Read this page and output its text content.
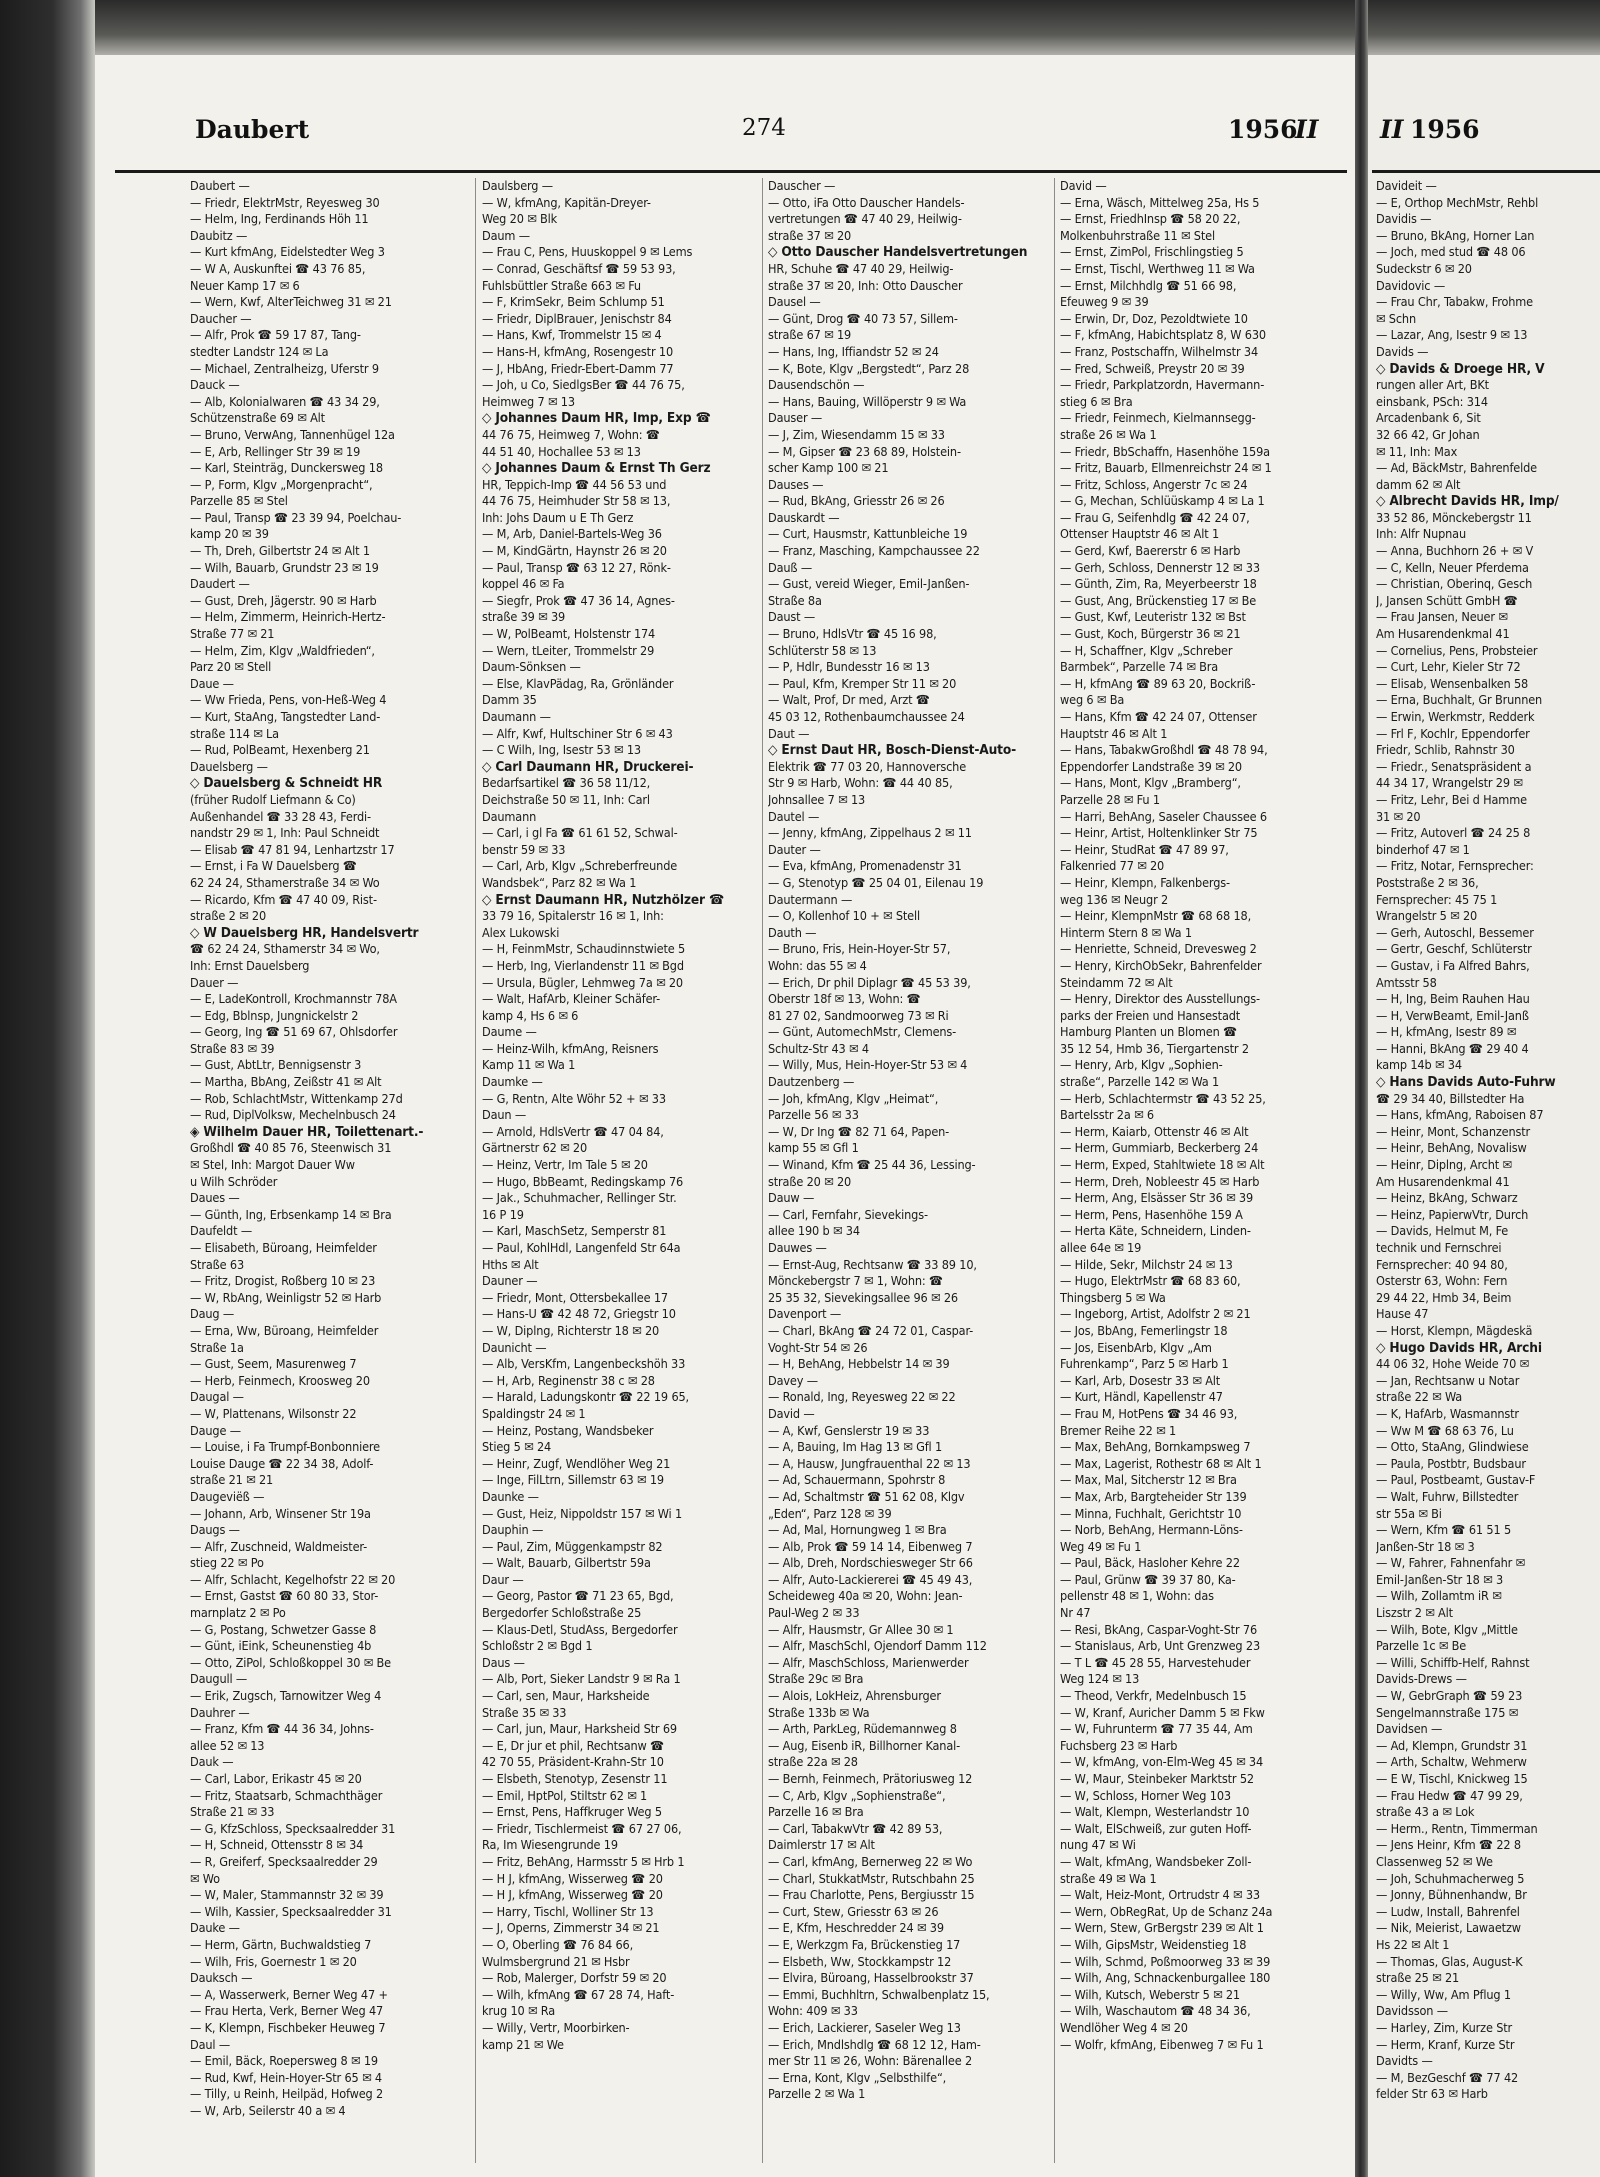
Daubert	274	1956
II II 1956
Daubert —
— Friedr, ElektrMstr, Reyesweg 30
— Helm, Ing, Ferdinands Höh 11
Daubitz —
— Kurt kfmAng, Eidelstedter Weg 3
— W A, Auskunftei ☎ 43 76 85,
Neuer Kamp 17 ✉ 6
— Wern, Kwf, AlterTeichweg 31 ✉ 21
Daucher —
— Alfr, Prok ☎ 59 17 87, Tang-
stedter Landstr 124 ✉ La
— Michael, Zentralheizg, Uferstr 9
Dauck —
— Alb, Kolonialwaren ☎ 43 34 29,
Schützenstraße 69 ✉ Alt
— Bruno, VerwAng, Tannenhügel 12a
— E, Arb, Rellinger Str 39 ✉ 19
— Karl, Steinträg, Dunckersweg 18
— P, Form, Klgv „Morgenpracht“,
Parzelle 85 ✉ Stel
— Paul, Transp ☎ 23 39 94, Poelchau-
kamp 20 ✉ 39
— Th, Dreh, Gilbertstr 24 ✉ Alt 1
— Wilh, Bauarb, Grundstr 23 ✉ 19
Daudert —
— Gust, Dreh, Jägerstr. 90 ✉ Harb
— Helm, Zimmerm, Heinrich-Hertz-
Straße 77 ✉ 21
— Helm, Zim, Klgv „Waldfrieden“,
Parz 20 ✉ Stell
Daue —
— Ww Frieda, Pens, von-Heß-Weg 4
— Kurt, StaAng, Tangstedter Land-
straße 114 ✉ La
— Rud, PolBeamt, Hexenberg 21
Dauelsberg —
◇ Dauelsberg & Schneidt HR
(früher Rudolf Liefmann & Co)
Außenhandel ☎ 33 28 43, Ferdi-
nandstr 29 ✉ 1, Inh: Paul Schneidt
— Elisab ☎ 47 81 94, Lenhartzstr 17
— Ernst, i Fa W Dauelsberg ☎
62 24 24, Sthamerstraße 34 ✉ Wo
— Ricardo, Kfm ☎ 47 40 09, Rist-
straße 2 ✉ 20
◇ W Dauelsberg HR, Handelsvertr
☎ 62 24 24, Sthamerstr 34 ✉ Wo,
Inh: Ernst Dauelsberg
Dauer —
— E, LadeKontroll, Krochmannstr 78A
— Edg, Bblnsp, Jungnickelstr 2
— Georg, Ing ☎ 51 69 67, Ohlsdorfer
Straße 83 ✉ 39
— Gust, AbtLtr, Bennigsenstr 3
— Martha, BbAng, Zeißstr 41 ✉ Alt
— Rob, SchlachtMstr, Wittenkamp 27d
— Rud, DiplVolksw, Mechelnbusch 24
◈ Wilhelm Dauer HR, Toilettenart.-
Großhdl ☎ 40 85 76, Steenwisch 31
✉ Stel, Inh: Margot Dauer Ww
u Wilh Schröder
Daues —
— Günth, Ing, Erbsenkamp 14 ✉ Bra
Daufeldt —
— Elisabeth, Büroang, Heimfelder
Straße 63
— Fritz, Drogist, Roßberg 10 ✉ 23
— W, RbAng, Weinligstr 52 ✉ Harb
Daug —
— Erna, Ww, Büroang, Heimfelder
Straße 1a
— Gust, Seem, Masurenweg 7
— Herb, Feinmech, Kroosweg 20
Daugal —
— W, Plattenans, Wilsonstr 22
Dauge —
— Louise, i Fa Trumpf-Bonbonniere
Louise Dauge ☎ 22 34 38, Adolf-
straße 21 ✉ 21
Daugeviëß —
— Johann, Arb, Winsener Str 19a
Daugs —
— Alfr, Zuschneid, Waldmeister-
stieg 22 ✉ Po
— Alfr, Schlacht, Kegelhofstr 22 ✉ 20
— Ernst, Gastst ☎ 60 80 33, Stor-
marnplatz 2 ✉ Po
— G, Postang, Schwetzer Gasse 8
— Günt, iEink, Scheunenstieg 4b
— Otto, ZiPol, Schloßkoppel 30 ✉ Be
Daugull —
— Erik, Zugsch, Tarnowitzer Weg 4
Dauhrer —
— Franz, Kfm ☎ 44 36 34, Johns-
allee 52 ✉ 13
Dauk —
— Carl, Labor, Erikastr 45 ✉ 20
— Fritz, Staatsarb, Schmachthäger
Straße 21 ✉ 33
— G, KfzSchloss, Specksaalredder 31
— H, Schneid, Ottensstr 8 ✉ 34
— R, Greiferf, Specksaalredder 29
✉ Wo
— W, Maler, Stammannstr 32 ✉ 39
— Wilh, Kassier, Specksaalredder 31
Dauke —
— Herm, Gärtn, Buchwaldstieg 7
— Wilh, Fris, Goernestr 1 ✉ 20
Dauksch —
— A, Wasserwerk, Berner Weg 47 +
— Frau Herta, Verk, Berner Weg 47
— K, Klempn, Fischbeker Heuweg 7
Daul —
— Emil, Bäck, Roepersweg 8 ✉ 19
— Rud, Kwf, Hein-Hoyer-Str 65 ✉ 4
— Tilly, u Reinh, Heilpäd, Hofweg 2
— W, Arb, Seilerstr 40 a ✉ 4
Daulsberg —
— W, kfmAng, Kapitän-Dreyer-
Weg 20 ✉ Blk
Daum —
— Frau C, Pens, Huuskoppel 9 ✉ Lems
— Conrad, Geschäftsf ☎ 59 53 93,
Fuhlsbüttler Straße 663 ✉ Fu
— F, KrimSekr, Beim Schlump 51
— Friedr, DiplBrauer, Jenischstr 84
— Hans, Kwf, Trommelstr 15 ✉ 4
— Hans-H, kfmAng, Rosengestr 10
— J, HbAng, Friedr-Ebert-Damm 77
— Joh, u Co, SiedlgsBer ☎ 44 76 75,
Heimweg 7 ✉ 13
◇ Johannes Daum HR, Imp, Exp ☎
44 76 75, Heimweg 7, Wohn: ☎
44 51 40, Hochallee 53 ✉ 13
◇ Johannes Daum & Ernst Th Gerz
HR, Teppich-Imp ☎ 44 56 53 und
44 76 75, Heimhuder Str 58 ✉ 13,
Inh: Johs Daum u E Th Gerz
— M, Arb, Daniel-Bartels-Weg 36
— M, KindGärtn, Haynstr 26 ✉ 20
— Paul, Transp ☎ 63 12 27, Rönk-
koppel 46 ✉ Fa
— Siegfr, Prok ☎ 47 36 14, Agnes-
straße 39 ✉ 39
— W, PolBeamt, Holstenstr 174
— Wern, tLeiter, Trommelstr 29
Daum-Sönksen —
— Else, KlavPädag, Ra, Grönländer
Damm 35
Daumann —
— Alfr, Kwf, Hultschiner Str 6 ✉ 43
— C Wilh, Ing, Isestr 53 ✉ 13
◇ Carl Daumann HR, Druckerei-
Bedarfsartikel ☎ 36 58 11/12,
Deichstraße 50 ✉ 11, Inh: Carl
Daumann
— Carl, i gl Fa ☎ 61 61 52, Schwal-
benstr 59 ✉ 33
— Carl, Arb, Klgv „Schreberfreunde
Wandsbek“, Parz 82 ✉ Wa 1
◇ Ernst Daumann HR, Nutzhölzer ☎
33 79 16, Spitalerstr 16 ✉ 1, Inh:
Alex Lukowski
— H, FeinmMstr, Schaudinnstwiete 5
— Herb, Ing, Vierlandenstr 11 ✉ Bgd
— Ursula, Bügler, Lehmweg 7a ✉ 20
— Walt, HafArb, Kleiner Schäfer-
kamp 4, Hs 6 ✉ 6
Daume —
— Heinz-Wilh, kfmAng, Reisners
Kamp 11 ✉ Wa 1
Daumke —
— G, Rentn, Alte Wöhr 52 + ✉ 33
Daun —
— Arnold, HdlsVertr ☎ 47 04 84,
Gärtnerstr 62 ✉ 20
— Heinz, Vertr, Im Tale 5 ✉ 20
— Hugo, BbBeamt, Redingskamp 76
— Jak., Schuhmacher, Rellinger Str.
16 P 19
— Karl, MaschSetz, Semperstr 81
— Paul, KohlHdl, Langenfeld Str 64a
Hths ✉ Alt
Dauner —
— Friedr, Mont, Ottersbekallee 17
— Hans-U ☎ 42 48 72, Griegstr 10
— W, Diplng, Richterstr 18 ✉ 20
Daunicht —
— Alb, VersKfm, Langenbeckshöh 33
— H, Arb, Reginenstr 38 c ✉ 28
— Harald, Ladungskontr ☎ 22 19 65,
Spaldingstr 24 ✉ 1
— Heinz, Postang, Wandsbeker
Stieg 5 ✉ 24
— Heinr, Zugf, Wendlöher Weg 21
— Inge, FilLtrn, Sillemstr 63 ✉ 19
Daunke —
— Gust, Heiz, Nippoldstr 157 ✉ Wi 1
Dauphin —
— Paul, Zim, Müggenkampstr 82
— Walt, Bauarb, Gilbertstr 59a
Daur —
— Georg, Pastor ☎ 71 23 65, Bgd,
Bergedorfer Schloßstraße 25
— Klaus-Detl, StudAss, Bergedorfer
Schloßstr 2 ✉ Bgd 1
Daus —
— Alb, Port, Sieker Landstr 9 ✉ Ra 1
— Carl, sen, Maur, Harksheide
Straße 35 ✉ 33
— Carl, jun, Maur, Harksheid Str 69
— E, Dr jur et phil, Rechtsanw ☎
42 70 55, Präsident-Krahn-Str 10
— Elsbeth, Stenotyp, Zesenstr 11
— Emil, HptPol, Stiltstr 62 ✉ 1
— Ernst, Pens, Haffkruger Weg 5
— Friedr, Tischlermeist ☎ 67 27 06,
Ra, Im Wiesengrunde 19
— Fritz, BehAng, Harmsstr 5 ✉ Hrb 1
— H J, kfmAng, Wisserweg ☎ 20
— H J, kfmAng, Wisserweg ☎ 20
— Harry, Tischl, Wolliner Str 13
— J, Operns, Zimmerstr 34 ✉ 21
— O, Oberling ☎ 76 84 66,
Wulmsbergrund 21 ✉ Hsbr
— Rob, Malerger, Dorfstr 59 ✉ 20
— Wilh, kfmAng ☎ 67 28 74, Haft-
krug 10 ✉ Ra
— Willy, Vertr, Moorbirken-
kamp 21 ✉ We
Dauscher —
— Otto, iFa Otto Dauscher Handels-
vertretungen ☎ 47 40 29, Heilwig-
straße 37 ✉ 20
◇ Otto Dauscher Handelsvertretungen
HR, Schuhe ☎ 47 40 29, Heilwig-
straße 37 ✉ 20, Inh: Otto Dauscher
Dausel —
— Günt, Drog ☎ 40 73 57, Sillem-
straße 67 ✉ 19
— Hans, Ing, Iffiandstr 52 ✉ 24
— K, Bote, Klgv „Bergstedt“, Parz 28
Dausendschön —
— Hans, Bauing, Willöperstr 9 ✉ Wa
Dauser —
— J, Zim, Wiesendamm 15 ✉ 33
— M, Gipser ☎ 23 68 89, Holstein-
scher Kamp 100 ✉ 21
Dauses —
— Rud, BkAng, Griesstr 26 ✉ 26
Dauskardt —
— Curt, Hausmstr, Kattunbleiche 19
— Franz, Masching, Kampchaussee 22
Dauß —
— Gust, vereid Wieger, Emil-Janßen-
Straße 8a
Daust —
— Bruno, HdlsVtr ☎ 45 16 98,
Schlüterstr 58 ✉ 13
— P, Hdlr, Bundesstr 16 ✉ 13
— Paul, Kfm, Kremper Str 11 ✉ 20
— Walt, Prof, Dr med, Arzt ☎
45 03 12, Rothenbaumchaussee 24
Daut —
◇ Ernst Daut HR, Bosch-Dienst-Auto-
Elektrik ☎ 77 03 20, Hannoversche
Str 9 ✉ Harb, Wohn: ☎ 44 40 85,
Johnsallee 7 ✉ 13
Dautel —
— Jenny, kfmAng, Zippelhaus 2 ✉ 11
Dauter —
— Eva, kfmAng, Promenadenstr 31
— G, Stenotyp ☎ 25 04 01, Eilenau 19
Dautermann —
— O, Kollenhof 10 + ✉ Stell
Dauth —
— Bruno, Fris, Hein-Hoyer-Str 57,
Wohn: das 55 ✉ 4
— Erich, Dr phil Diplagr ☎ 45 53 39,
Oberstr 18f ✉ 13, Wohn: ☎
81 27 02, Sandmoorweg 73 ✉ Ri
— Günt, AutomechMstr, Clemens-
Schultz-Str 43 ✉ 4
— Willy, Mus, Hein-Hoyer-Str 53 ✉ 4
Dautzenberg —
— Joh, kfmAng, Klgv „Heimat“,
Parzelle 56 ✉ 33
— W, Dr Ing ☎ 82 71 64, Papen-
kamp 55 ✉ Gfl 1
— Winand, Kfm ☎ 25 44 36, Lessing-
straße 20 ✉ 20
Dauw —
— Carl, Fernfahr, Sievekings-
allee 190 b ✉ 34
Dauwes —
— Ernst-Aug, Rechtsanw ☎ 33 89 10,
Mönckebergstr 7 ✉ 1, Wohn: ☎
25 35 32, Sievekingsallee 96 ✉ 26
Davenport —
— Charl, BkAng ☎ 24 72 01, Caspar-
Voght-Str 54 ✉ 26
— H, BehAng, Hebbelstr 14 ✉ 39
Davey —
— Ronald, Ing, Reyesweg 22 ✉ 22
David —
— A, Kwf, Genslerstr 19 ✉ 33
— A, Bauing, Im Hag 13 ✉ Gfl 1
— A, Hausw, Jungfrauenthal 22 ✉ 13
— Ad, Schauermann, Spohrstr 8
— Ad, Schaltmstr ☎ 51 62 08, Klgv
„Eden“, Parz 128 ✉ 39
— Ad, Mal, Hornungweg 1 ✉ Bra
— Alb, Prok ☎ 59 14 14, Eibenweg 7
— Alb, Dreh, Nordschiesweger Str 66
— Alfr, Auto-Lackiererei ☎ 45 49 43,
Scheideweg 40a ✉ 20, Wohn: Jean-
Paul-Weg 2 ✉ 33
— Alfr, Hausmstr, Gr Allee 30 ✉ 1
— Alfr, MaschSchl, Ojendorf Damm 112
— Alfr, MaschSchloss, Marienwerder
Straße 29c ✉ Bra
— Alois, LokHeiz, Ahrensburger
Straße 133b ✉ Wa
— Arth, ParkLeg, Rüdemannweg 8
— Aug, Eisenb iR, Billhorner Kanal-
straße 22a ✉ 28
— Bernh, Feinmech, Prätoriusweg 12
— C, Arb, Klgv „Sophienstraße“,
Parzelle 16 ✉ Bra
— Carl, TabakwVtr ☎ 42 89 53,
Daimlerstr 17 ✉ Alt
— Carl, kfmAng, Bernerweg 22 ✉ Wo
— Charl, StukkatMstr, Rutschbahn 25
— Frau Charlotte, Pens, Bergiusstr 15
— Curt, Stew, Griesstr 63 ✉ 26
— E, Kfm, Heschredder 24 ✉ 39
— E, Werkzgm Fa, Brückenstieg 17
— Elsbeth, Ww, Stockkampstr 12
— Elvira, Büroang, Hasselbrookstr 37
— Emmi, Buchhltrn, Schwalbenplatz 15,
Wohn: 409 ✉ 33
— Erich, Lackierer, Saseler Weg 13
— Erich, Mndlshdlg ☎ 68 12 12, Ham-
mer Str 11 ✉ 26, Wohn: Bärenallee 2
— Erna, Kont, Klgv „Selbsthilfe“,
Parzelle 2 ✉ Wa 1
David —
— Erna, Wäsch, Mittelweg 25a, Hs 5
— Ernst, FriedhInsp ☎ 58 20 22,
Molkenbuhrstraße 11 ✉ Stel
— Ernst, ZimPol, Frischlingstieg 5
— Ernst, Tischl, Werthweg 11 ✉ Wa
— Ernst, Milchhdlg ☎ 51 66 98,
Efeuweg 9 ✉ 39
— Erwin, Dr, Doz, Pezoldtwiete 10
— F, kfmAng, Habichtsplatz 8, W 630
— Franz, Postschaffn, Wilhelmstr 34
— Fred, Schweiß, Preystr 20 ✉ 39
— Friedr, Parkplatzordn, Havermann-
stieg 6 ✉ Bra
— Friedr, Feinmech, Kielmannsegg-
straße 26 ✉ Wa 1
— Friedr, BbSchaffn, Hasenhöhe 159a
— Fritz, Bauarb, Ellmenreichstr 24 ✉ 1
— Fritz, Schloss, Angerstr 7c ✉ 24
— G, Mechan, Schlüüskamp 4 ✉ La 1
— Frau G, Seifenhdlg ☎ 42 24 07,
Ottenser Hauptstr 46 ✉ Alt 1
— Gerd, Kwf, Baererstr 6 ✉ Harb
— Gerh, Schloss, Dennerstr 12 ✉ 33
— Günth, Zim, Ra, Meyerbeerstr 18
— Gust, Ang, Brückenstieg 17 ✉ Be
— Gust, Kwf, Leuteristr 132 ✉ Bst
— Gust, Koch, Bürgerstr 36 ✉ 21
— H, Schaffner, Klgv „Schreber
Barmbek“, Parzelle 74 ✉ Bra
— H, kfmAng ☎ 89 63 20, Bockriß-
weg 6 ✉ Ba
— Hans, Kfm ☎ 42 24 07, Ottenser
Hauptstr 46 ✉ Alt 1
— Hans, TabakwGroßhdl ☎ 48 78 94,
Eppendorfer Landstraße 39 ✉ 20
— Hans, Mont, Klgv „Bramberg“,
Parzelle 28 ✉ Fu 1
— Harri, BehAng, Saseler Chaussee 6
— Heinr, Artist, Holtenklinker Str 75
— Heinr, StudRat ☎ 47 89 97,
Falkenried 77 ✉ 20
— Heinr, Klempn, Falkenbergs-
weg 136 ✉ Neugr 2
— Heinr, KlempnMstr ☎ 68 68 18,
Hinterm Stern 8 ✉ Wa 1
— Henriette, Schneid, Drevesweg 2
— Henry, KirchObSekr, Bahrenfelder
Steindamm 72 ✉ Alt
— Henry, Direktor des Ausstellungs-
parks der Freien und Hansestadt
Hamburg Planten un Blomen ☎
35 12 54, Hmb 36, Tiergartenstr 2
— Henry, Arb, Klgv „Sophien-
straße“, Parzelle 142 ✉ Wa 1
— Herb, Schlachtermstr ☎ 43 52 25,
Bartelsstr 2a ✉ 6
— Herm, Kaiarb, Ottenstr 46 ✉ Alt
— Herm, Gummiarb, Beckerberg 24
— Herm, Exped, Stahltwiete 18 ✉ Alt
— Herm, Dreh, Nobleestr 45 ✉ Harb
— Herm, Ang, Elsässer Str 36 ✉ 39
— Herm, Pens, Hasenhöhe 159 A
— Herta Käte, Schneidern, Linden-
allee 64e ✉ 19
— Hilde, Sekr, Milchstr 24 ✉ 13
— Hugo, ElektrMstr ☎ 68 83 60,
Thingsberg 5 ✉ Wa
— Ingeborg, Artist, Adolfstr 2 ✉ 21
— Jos, BbAng, Femerlingstr 18
— Jos, EisenbArb, Klgv „Am
Fuhrenkamp“, Parz 5 ✉ Harb 1
— Karl, Arb, Dosestr 33 ✉ Alt
— Kurt, Händl, Kapellenstr 47
— Frau M, HotPens ☎ 34 46 93,
Bremer Reihe 22 ✉ 1
— Max, BehAng, Bornkampsweg 7
— Max, Lagerist, Rothestr 68 ✉ Alt 1
— Max, Mal, Sitcherstr 12 ✉ Bra
— Max, Arb, Bargteheider Str 139
— Minna, Fuchhalt, Gerichtstr 10
— Norb, BehAng, Hermann-Löns-
Weg 49 ✉ Fu 1
— Paul, Bäck, Hasloher Kehre 22
— Paul, Grünw ☎ 39 37 80, Ka-
pellenstr 48 ✉ 1, Wohn: das
Nr 47
— Resi, BkAng, Caspar-Voght-Str 76
— Stanislaus, Arb, Unt Grenzweg 23
— T L ☎ 45 28 55, Harvestehuder
Weg 124 ✉ 13
— Theod, Verkfr, Medelnbusch 15
— W, Kranf, Auricher Damm 5 ✉ Fkw
— W, Fuhrunterm ☎ 77 35 44, Am
Fuchsberg 23 ✉ Harb
— W, kfmAng, von-Elm-Weg 45 ✉ 34
— W, Maur, Steinbeker Marktstr 52
— W, Schloss, Horner Weg 103
— Walt, Klempn, Westerlandstr 10
— Walt, ElSchweiß, zur guten Hoff-
nung 47 ✉ Wi
— Walt, kfmAng, Wandsbeker Zoll-
straße 49 ✉ Wa 1
— Walt, Heiz-Mont, Ortrudstr 4 ✉ 33
— Wern, ObRegRat, Up de Schanz 24a
— Wern, Stew, GrBergstr 239 ✉ Alt 1
— Wilh, GipsMstr, Weidenstieg 18
— Wilh, Schmd, Poßmoorweg 33 ✉ 39
— Wilh, Ang, Schnackenburgallee 180
— Wilh, Kutsch, Weberstr 5 ✉ 21
— Wilh, Waschautom ☎ 48 34 36,
Wendlöher Weg 4 ✉ 20
— Wolfr, kfmAng, Eibenweg 7 ✉ Fu 1
Davideit —
— E, Orthop MechMstr, Rehbl
Davidis —
— Bruno, BkAng, Horner Lan
— Joch, med stud ☎ 48 06
Sudeckstr 6 ✉ 20
Davidovic —
— Frau Chr, Tabakw, Frohme
✉ Schn
— Lazar, Ang, Isestr 9 ✉ 13
Davids —
◇ Davids & Droege HR, V
rungen aller Art, BKt
einsbank, PSch: 314
Arcadenbank 6, Sit
32 66 42, Gr Johan
✉ 11, Inh: Max
— Ad, BäckMstr, Bahrenfelde
damm 62 ✉ Alt
◇ Albrecht Davids HR, Imp/
33 52 86, Mönckebergstr 11
Inh: Alfr Nupnau
— Anna, Buchhorn 26 + ✉ V
— C, Kelln, Neuer Pferdema
— Christian, Oberinq, Gesch
J, Jansen Schütt GmbH ☎
— Frau Jansen, Neuer ✉
Am Husarendenkmal 41
— Cornelius, Pens, Probsteier
— Curt, Lehr, Kieler Str 72
— Elisab, Wensenbalken 58
— Erna, Buchhalt, Gr Brunnen
— Erwin, Werkmstr, Redderk
— Frl F, Kochlr, Eppendorfer
Friedr, Schlib, Rahnstr 30
— Friedr., Senatspräsident a
44 34 17, Wrangelstr 29 ✉
— Fritz, Lehr, Bei d Hamme
31 ✉ 20
— Fritz, Autoverl ☎ 24 25 8
binderhof 47 ✉ 1
— Fritz, Notar, Fernsprecher:
Poststraße 2 ✉ 36,
Fernsprecher: 45 75 1
Wrangelstr 5 ✉ 20
— Gerh, Autoschl, Bessemer
— Gertr, Geschf, Schlüterstr
— Gustav, i Fa Alfred Bahrs,
Amtsstr 58
— H, Ing, Beim Rauhen Hau
— H, VerwBeamt, Emil-Janß
— H, kfmAng, Isestr 89 ✉
— Hanni, BkAng ☎ 29 40 4
kamp 14b ✉ 34
◇ Hans Davids Auto-Fuhrw
☎ 29 34 40, Billstedter Ha
— Hans, kfmAng, Raboisen 87
— Heinr, Mont, Schanzenstr
— Heinr, BehAng, Novalisw
— Heinr, Diplng, Archt ✉
Am Husarendenkmal 41
— Heinz, BkAng, Schwarz
— Heinz, PapierwVtr, Durch
— Davids, Helmut M, Fe
technik und Fernschrei
Fernsprecher: 40 94 80,
Osterstr 63, Wohn: Fern
29 44 22, Hmb 34, Beim
Hause 47
— Horst, Klempn, Mägdeskä
◇ Hugo Davids HR, Archi
44 06 32, Hohe Weide 70 ✉
— Jan, Rechtsanw u Notar
straße 22 ✉ Wa
— K, HafArb, Wasmannstr
— Ww M ☎ 68 63 76, Lu
— Otto, StaAng, Glindwiese
— Paula, Postbtr, Budsbaur
— Paul, Postbeamt, Gustav-F
— Walt, Fuhrw, Billstedter
str 55a ✉ Bi
— Wern, Kfm ☎ 61 51 5
Janßen-Str 18 ✉ 3
— W, Fahrer, Fahnenfahr ✉
Emil-Janßen-Str 18 ✉ 3
— Wilh, Zollamtm iR ✉
Liszstr 2 ✉ Alt
— Wilh, Bote, Klgv „Mittle
Parzelle 1c ✉ Be
— Willi, Schiffb-Helf, Rahnst
Davids-Drews —
— W, GebrGraph ☎ 59 23
Sengelmannstraße 175 ✉
Davidsen —
— Ad, Klempn, Grundstr 31
— Arth, Schaltw, Wehmerw
— E W, Tischl, Knickweg 15
— Frau Hedw ☎ 47 99 29,
straße 43 a ✉ Lok
— Herm., Rentn, Timmerman
— Jens Heinr, Kfm ☎ 22 8
Classenweg 52 ✉ We
— Joh, Schuhmacherweg 5
— Jonny, Bühnenhandw, Br
— Ludw, Install, Bahrenfel
— Nik, Meierist, Lawaetzw
Hs 22 ✉ Alt 1
— Thomas, Glas, August-K
straße 25 ✉ 21
— Willy, Ww, Am Pflug 1
Davidsson —
— Harley, Zim, Kurze Str
— Herm, Kranf, Kurze Str
Davidts —
— M, BezGeschf ☎ 77 42
felder Str 63 ✉ Harb
